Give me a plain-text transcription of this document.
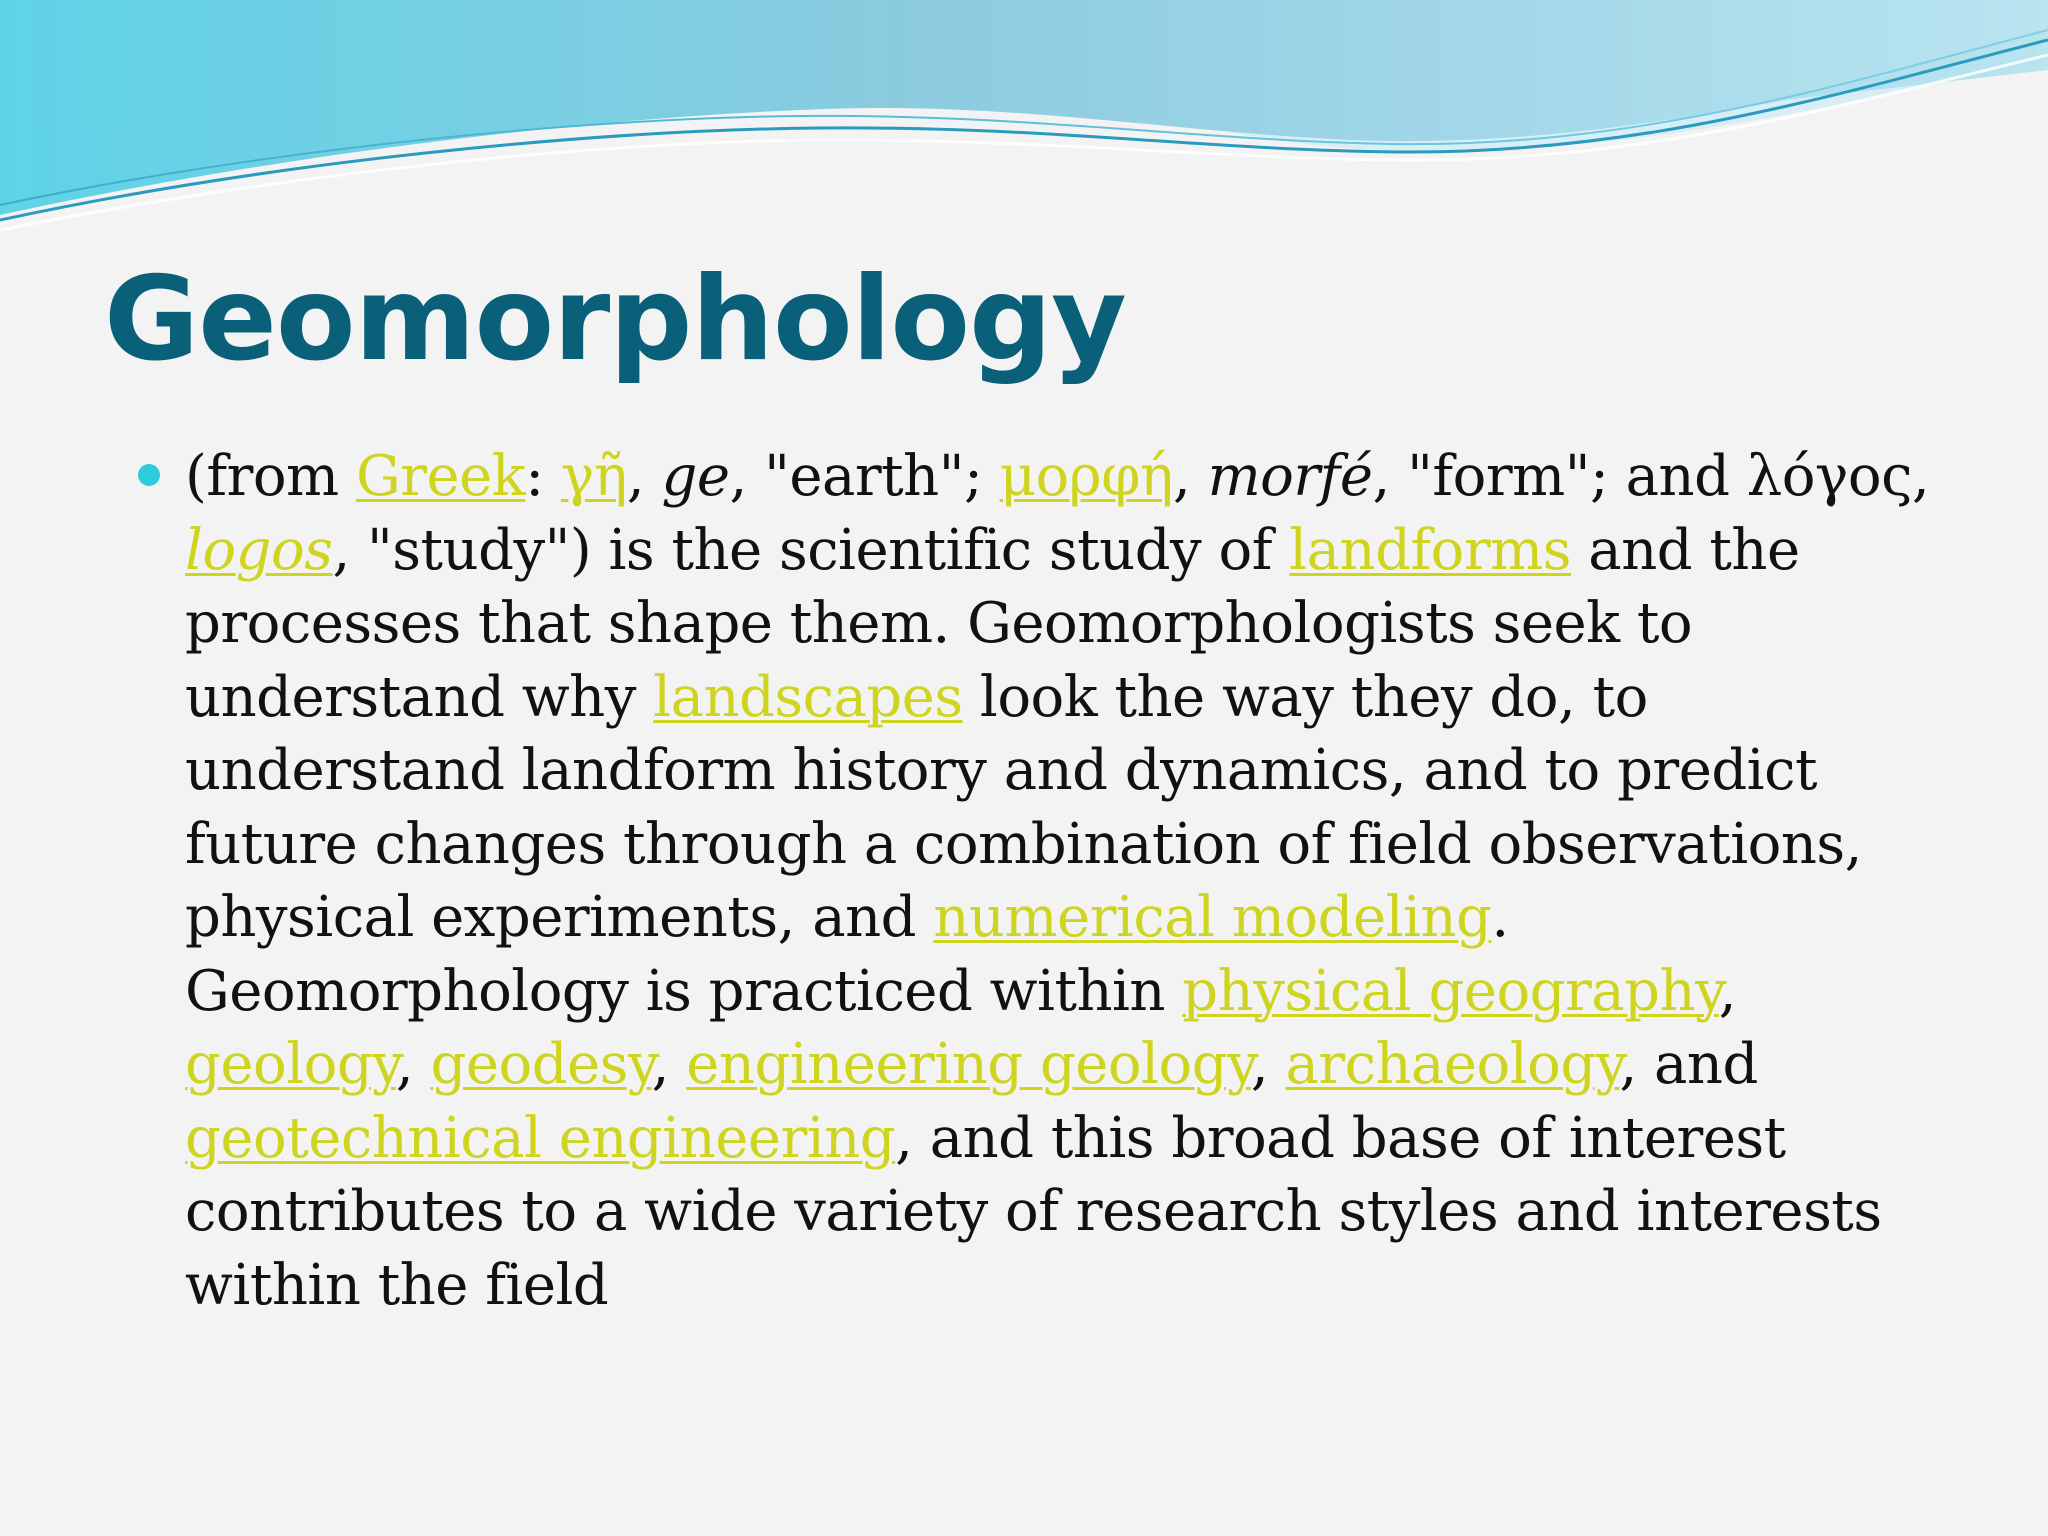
Geomorphology

(from Greek: γῆ, ge, "earth"; μορφή, morfé, "form"; and λόγος, logos, "study") is the scientific study of landforms and the processes that shape them. Geomorphologists seek to understand why landscapes look the way they do, to understand landform history and dynamics, and to predict future changes through a combination of field observations, physical experiments, and numerical modeling. Geomorphology is practiced within physical geography, geology, geodesy, engineering geology, archaeology, and geotechnical engineering, and this broad base of interest contributes to a wide variety of research styles and interests within the field
